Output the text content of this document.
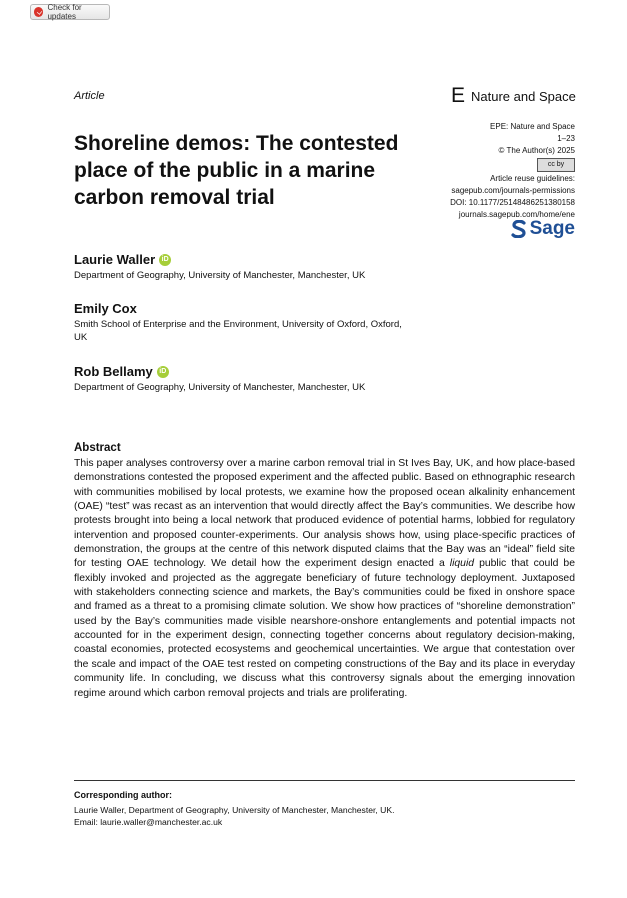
Check for updates
Article	E Nature and Space
Shoreline demos: The contested place of the public in a marine carbon removal trial
EPE: Nature and Space
1–23
© The Author(s) 2025
cc by
Article reuse guidelines:
sagepub.com/journals-permissions
DOI: 10.1177/25148486251380158
journals.sagepub.com/home/ene
Sage
Laurie Waller iD
Department of Geography, University of Manchester, Manchester, UK
Emily Cox
Smith School of Enterprise and the Environment, University of Oxford, Oxford, UK
Rob Bellamy iD
Department of Geography, University of Manchester, Manchester, UK
Abstract
This paper analyses controversy over a marine carbon removal trial in St Ives Bay, UK, and how place-based demonstrations contested the proposed experiment and the affected public. Based on ethnographic research with communities mobilised by local protests, we examine how the proposed ocean alkalinity enhancement (OAE) “test” was recast as an intervention that would directly affect the Bay’s communities. We describe how protests brought into being a local network that produced evidence of potential harms, lobbied for regulatory intervention and proposed counter-experiments. Our analysis shows how, using place-specific practices of demonstration, the groups at the centre of this network disputed claims that the Bay was an “ideal” field site for testing OAE technology. We detail how the experiment design enacted a liquid public that could be flexibly invoked and projected as the aggregate beneficiary of future technology deployment. Juxtaposed with stakeholders connecting science and markets, the Bay’s communities could be fixed in onshore space and framed as a threat to a promising climate solution. We show how practices of “shoreline demonstration” used by the Bay’s communities made visible nearshore-onshore entanglements and potential impacts not accounted for in the experiment design, connecting together concerns about regulatory decision-making, coastal economies, protected ecosystems and geochemical uncertainties. We argue that contestation over the scale and impact of the OAE test rested on competing constructions of the Bay and its place in everyday community life. In concluding, we discuss what this controversy signals about the emerging innovation regime around which carbon removal projects and trials are proliferating.
Corresponding author:
Laurie Waller, Department of Geography, University of Manchester, Manchester, UK.
Email: laurie.waller@manchester.ac.uk
